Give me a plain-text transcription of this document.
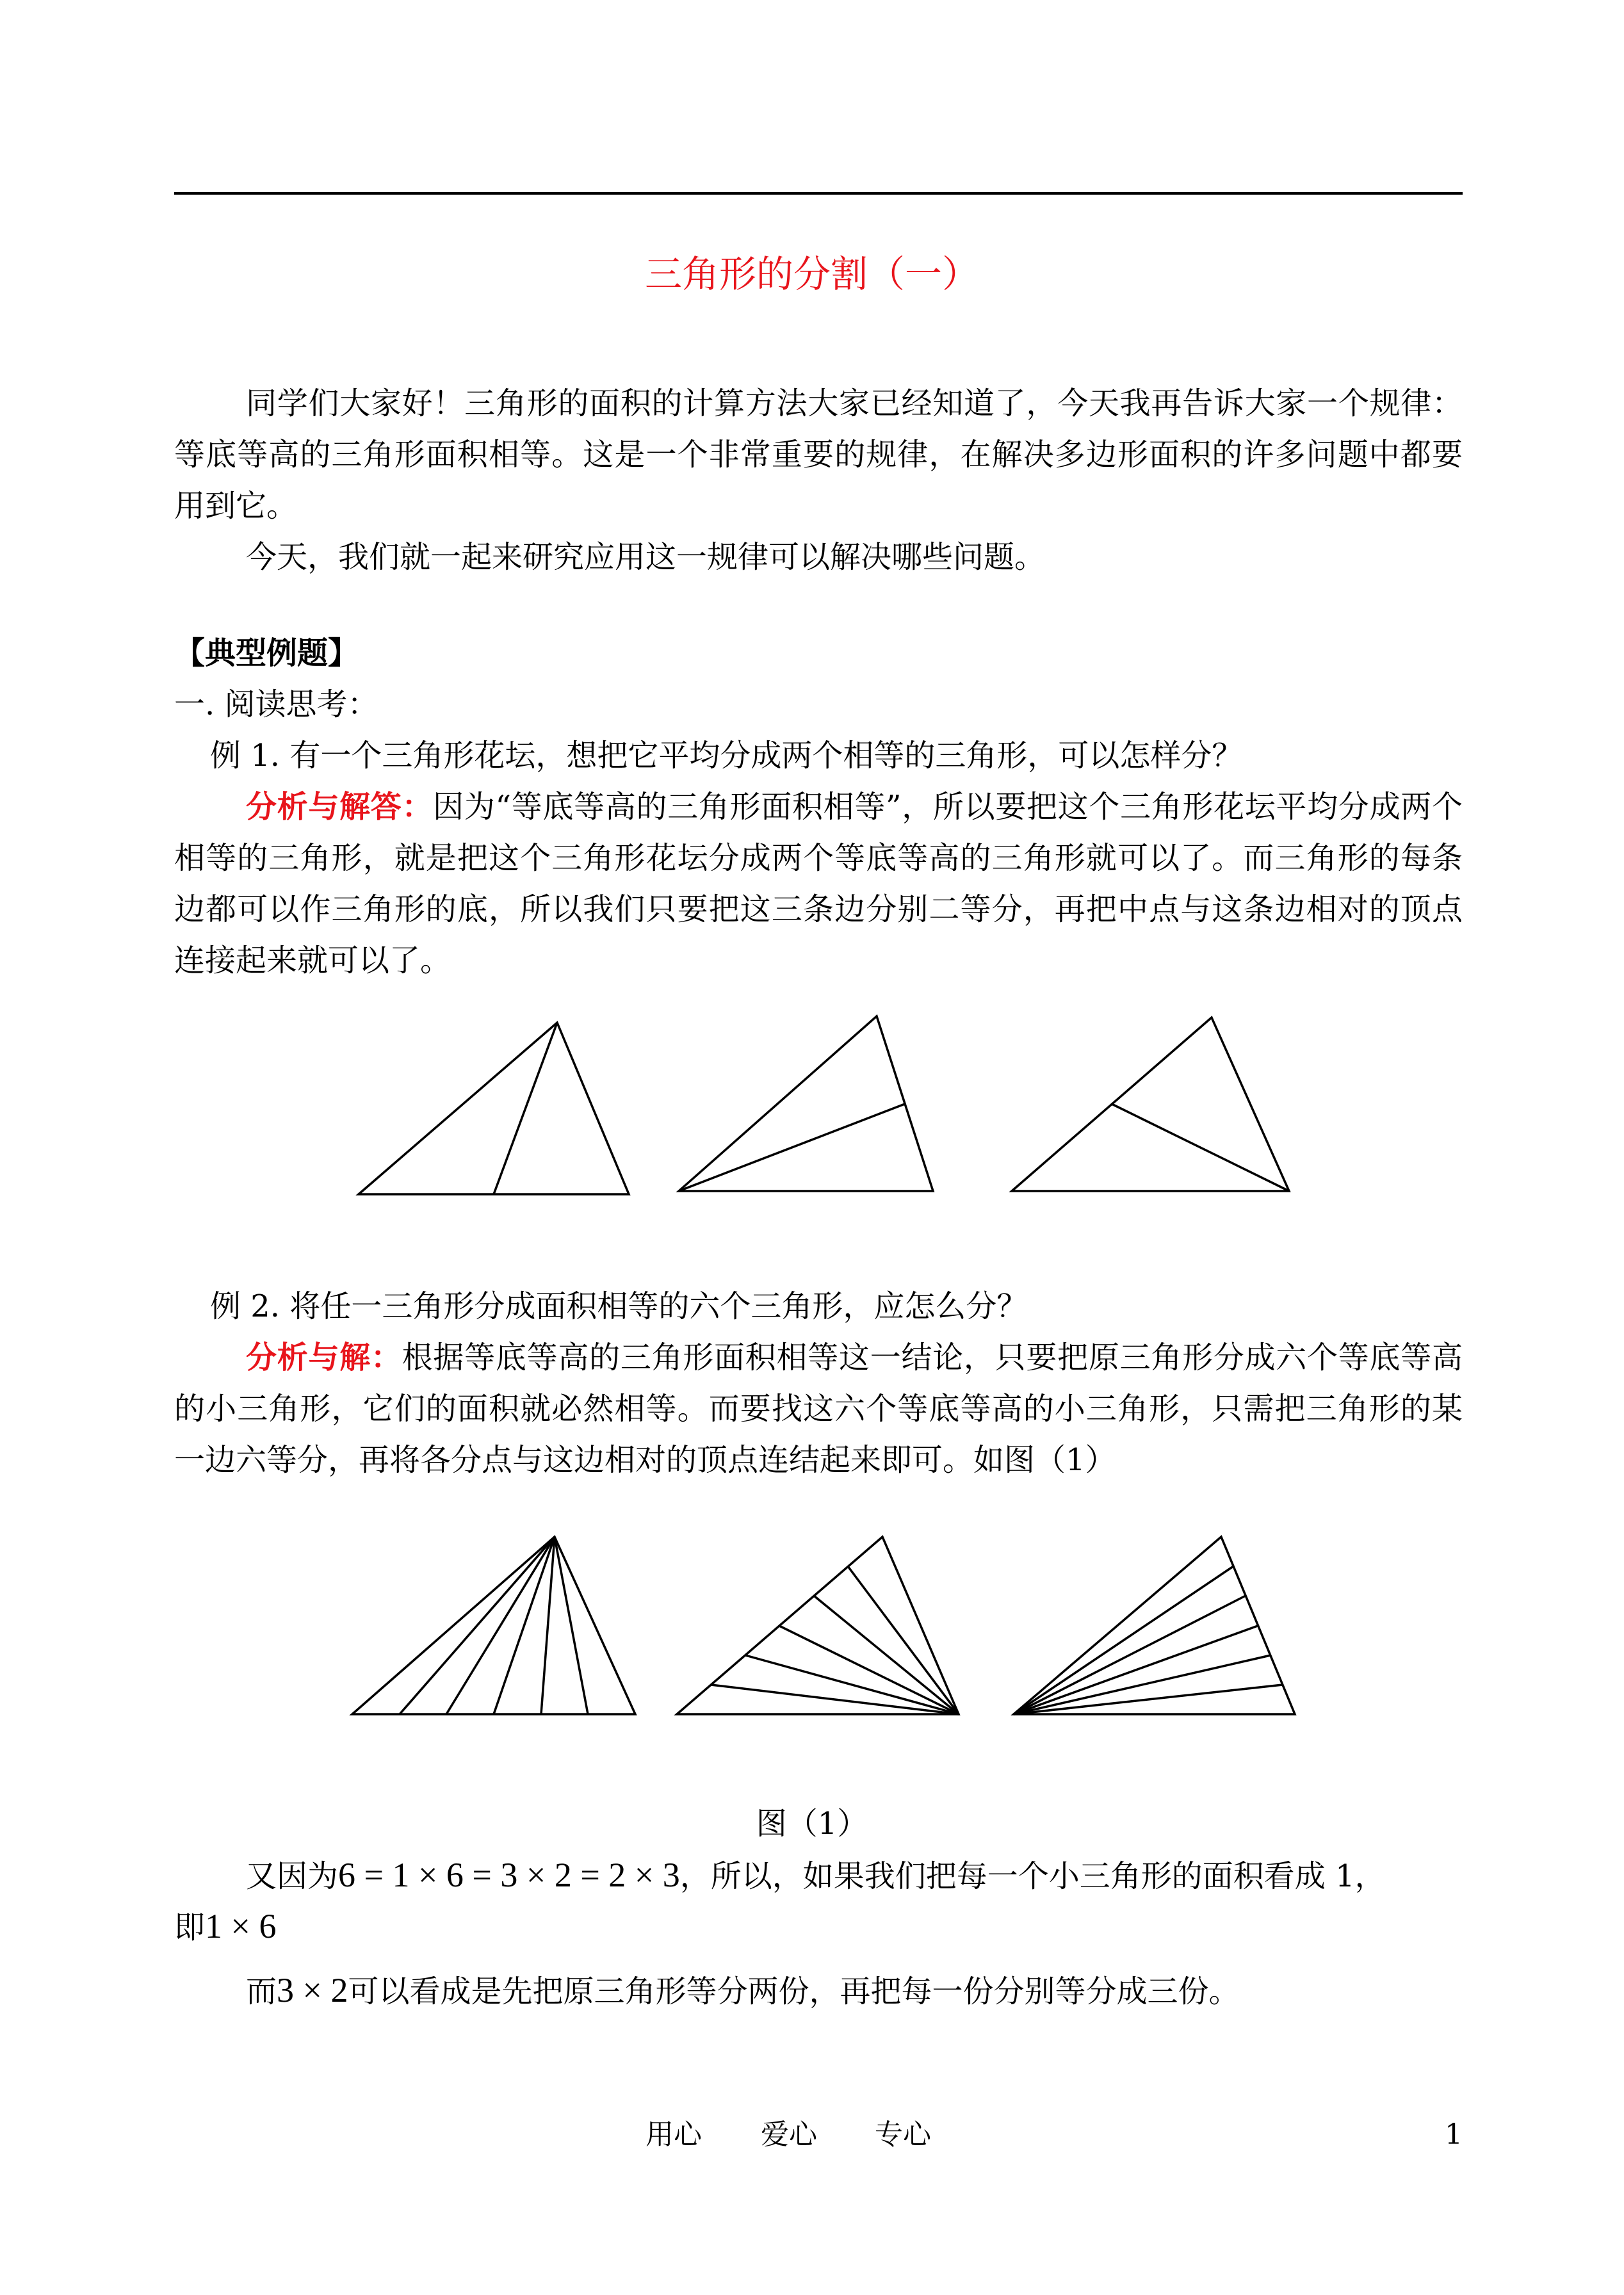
三角形的分割（一）
同学们大家好！三角形的面积的计算方法大家已经知道了，今天我再告诉大家一个规律：等底等高的三角形面积相等。这是一个非常重要的规律，在解决多边形面积的许多问题中都要用到它。
今天，我们就一起来研究应用这一规律可以解决哪些问题。
【典型例题】
一. 阅读思考：
例 1. 有一个三角形花坛，想把它平均分成两个相等的三角形，可以怎样分？
分析与解答：因为“等底等高的三角形面积相等”，所以要把这个三角形花坛平均分成两个相等的三角形，就是把这个三角形花坛分成两个等底等高的三角形就可以了。而三角形的每条边都可以作三角形的底，所以我们只要把这三条边分别二等分，再把中点与这条边相对的顶点连接起来就可以了。
例 2. 将任一三角形分成面积相等的六个三角形，应怎么分？
分析与解：根据等底等高的三角形面积相等这一结论，只要把原三角形分成六个等底等高的小三角形，它们的面积就必然相等。而要找这六个等底等高的小三角形，只需把三角形的某一边六等分，再将各分点与这边相对的顶点连结起来即可。如图（1）
图（1）
又因为6 = 1 × 6 = 3 × 2 = 2 × 3，所以，如果我们把每一个小三角形的面积看成 1，
即1 × 6
而3 × 2可以看成是先把原三角形等分两份，再把每一份分别等分成三份。
用心 爱心 专心	1
